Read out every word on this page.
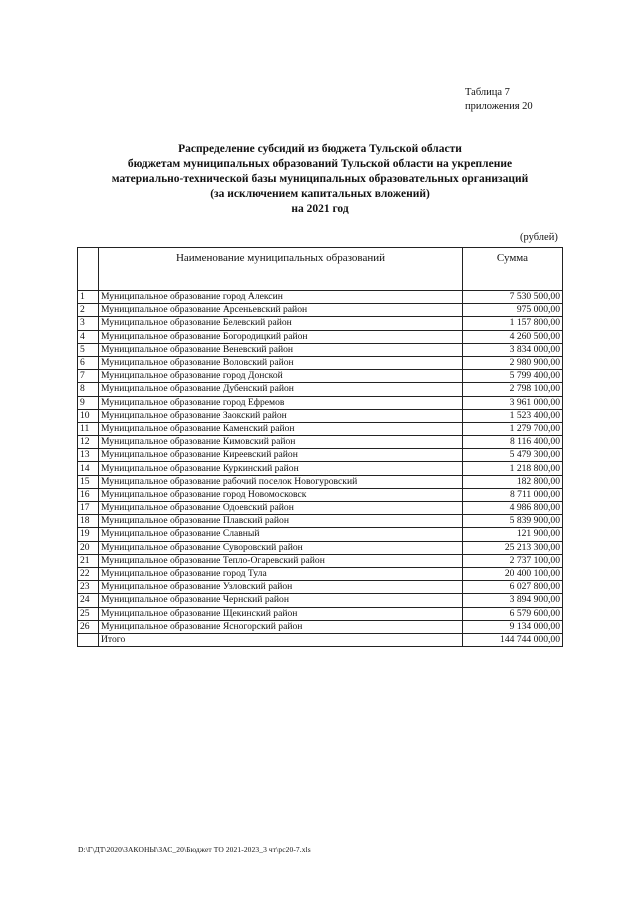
Таблица 7
приложения 20
Распределение субсидий из бюджета Тульской области
бюджетам муниципальных образований Тульской области на укрепление
материально-технической базы муниципальных образовательных организаций
(за исключением капитальных вложений)
на 2021 год
(рублей)
	Наименование муниципальных образований	Сумма
1	Муниципальное образование город Алексин	7 530 500,00
2	Муниципальное образование Арсеньевский район	975 000,00
3	Муниципальное образование Белевский район	1 157 800,00
4	Муниципальное образование Богородицкий район	4 260 500,00
5	Муниципальное образование Веневский район	3 834 000,00
6	Муниципальное образование Воловский район	2 980 900,00
7	Муниципальное образование город Донской	5 799 400,00
8	Муниципальное образование Дубенский район	2 798 100,00
9	Муниципальное образование город Ефремов	3 961 000,00
10	Муниципальное образование Заокский район	1 523 400,00
11	Муниципальное образование Каменский район	1 279 700,00
12	Муниципальное образование Кимовский район	8 116 400,00
13	Муниципальное образование Киреевский район	5 479 300,00
14	Муниципальное образование Куркинский район	1 218 800,00
15	Муниципальное образование рабочий поселок Новогуровский	182 800,00
16	Муниципальное образование город Новомосковск	8 711 000,00
17	Муниципальное образование Одоевский район	4 986 800,00
18	Муниципальное образование Плавский район	5 839 900,00
19	Муниципальное образование Славный	121 900,00
20	Муниципальное образование Суворовский район	25 213 300,00
21	Муниципальное образование Тепло-Огаревский район	2 737 100,00
22	Муниципальное образование город Тула	20 400 100,00
23	Муниципальное образование Узловский район	6 027 800,00
24	Муниципальное образование Чернский район	3 894 900,00
25	Муниципальное образование Щекинский район	6 579 600,00
26	Муниципальное образование Ясногорский район	9 134 000,00
	Итого	144 744 000,00
D:\Г\ДТ\2020\ЗАКОНЫ\ЗАС_20\Бюджет ТО 2021-2023_3 чт\рс20-7.xls
